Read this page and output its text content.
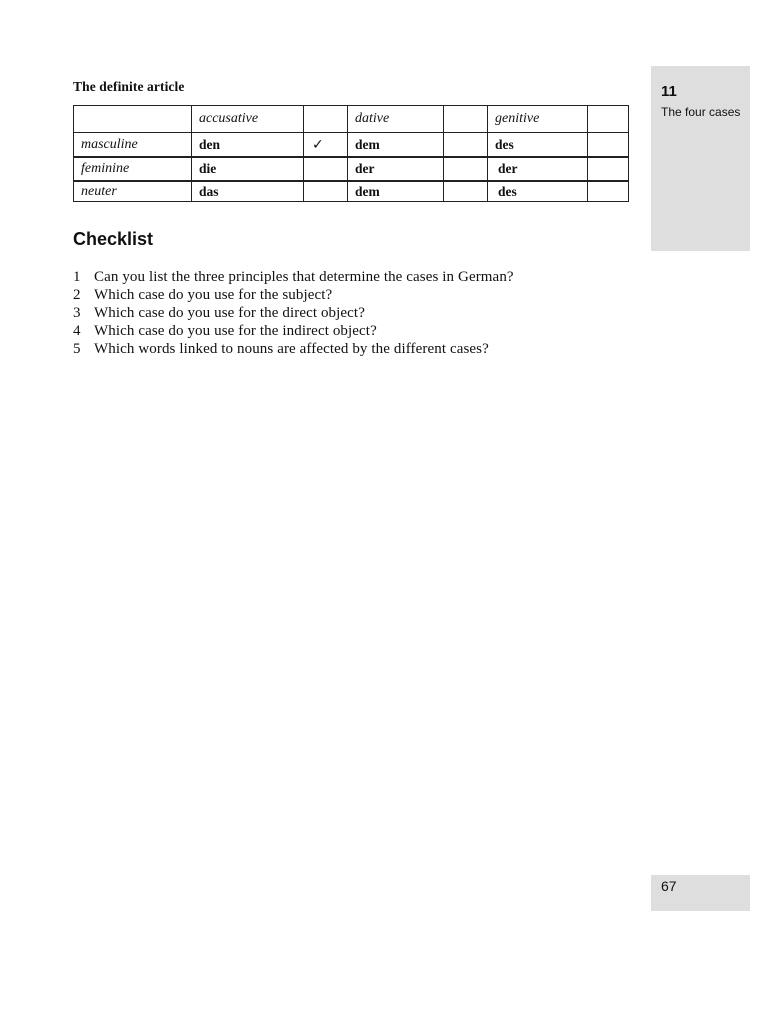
The definite article
	accusative		dative		genitive	
masculine	den	✓	dem		des	
feminine	die		der		der	
neuter	das		dem		des	
Checklist
1 Can you list the three principles that determine the cases in German?
2 Which case do you use for the subject?
3 Which case do you use for the direct object?
4 Which case do you use for the indirect object?
5 Which words linked to nouns are affected by the different cases?
11
The four cases
67
